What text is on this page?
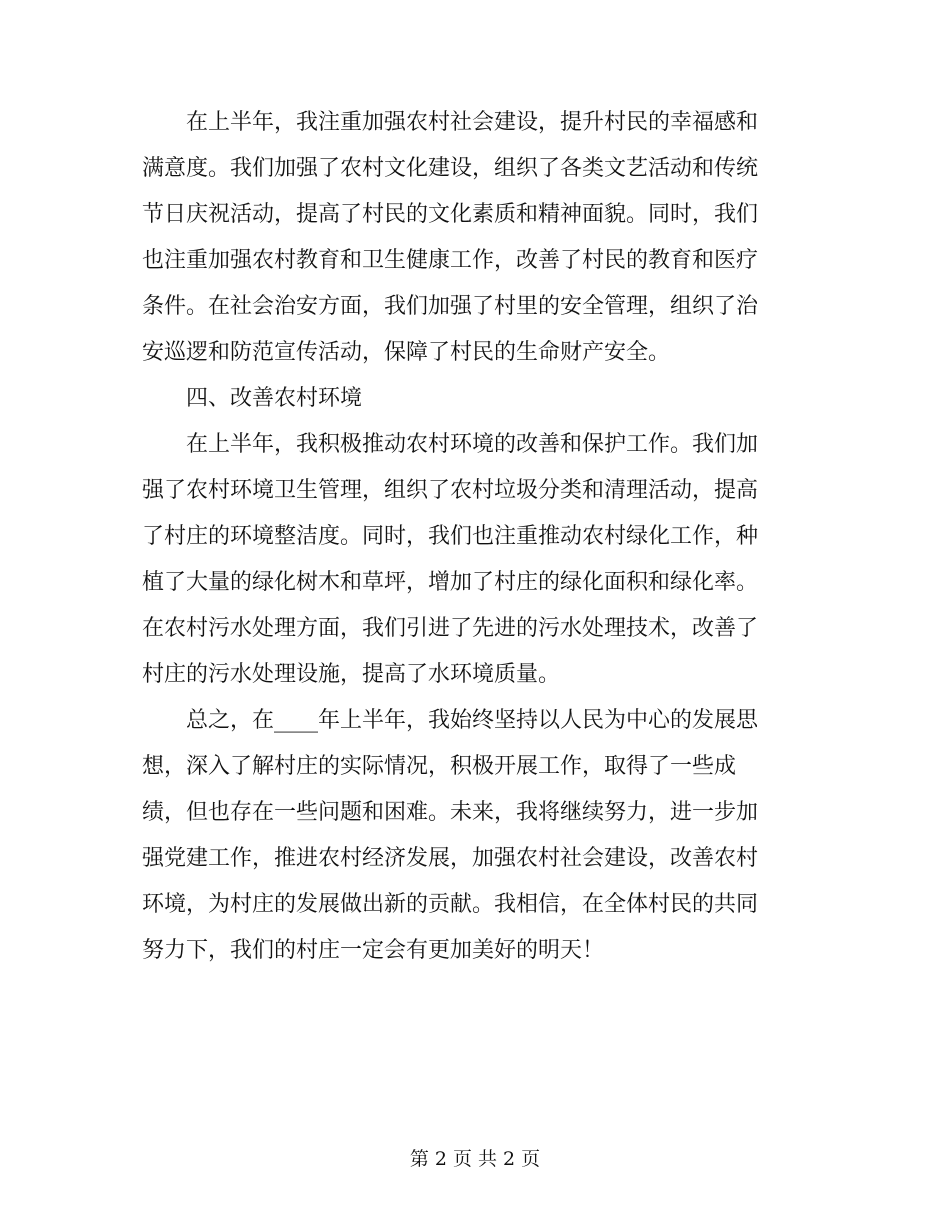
在上半年，我注重加强农村社会建设，提升村民的幸福感和
满意度。我们加强了农村文化建设，组织了各类文艺活动和传统
节日庆祝活动，提高了村民的文化素质和精神面貌。同时，我们
也注重加强农村教育和卫生健康工作，改善了村民的教育和医疗
条件。在社会治安方面，我们加强了村里的安全管理，组织了治
安巡逻和防范宣传活动，保障了村民的生命财产安全。
四、改善农村环境
在上半年，我积极推动农村环境的改善和保护工作。我们加
强了农村环境卫生管理，组织了农村垃圾分类和清理活动，提高
了村庄的环境整洁度。同时，我们也注重推动农村绿化工作，种
植了大量的绿化树木和草坪，增加了村庄的绿化面积和绿化率。
在农村污水处理方面，我们引进了先进的污水处理技术，改善了
村庄的污水处理设施，提高了水环境质量。
总之，在____年上半年，我始终坚持以人民为中心的发展思
想，深入了解村庄的实际情况，积极开展工作，取得了一些成
绩，但也存在一些问题和困难。未来，我将继续努力，进一步加
强党建工作，推进农村经济发展，加强农村社会建设，改善农村
环境，为村庄的发展做出新的贡献。我相信，在全体村民的共同
努力下，我们的村庄一定会有更加美好的明天！
第 2 页 共 2 页
